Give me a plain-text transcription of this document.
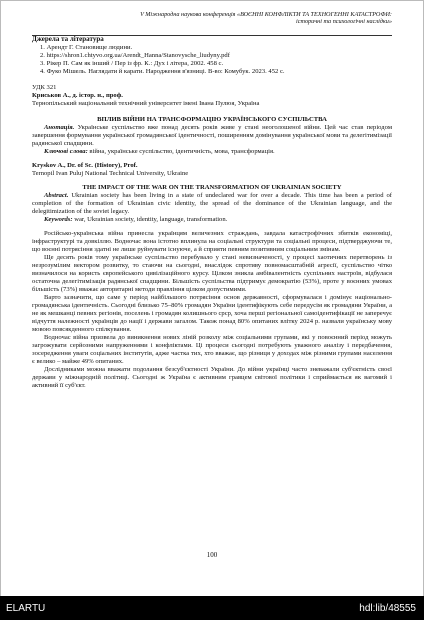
V Міжнародна наукова конференція «ВОЄННІ КОНФЛІКТИ ТА ТЕХНОГЕННІ КАТАСТРОФИ:
історичні та психологічні наслідки»
Джерела та література
1. Арендт Г. Становище людини.
2. https://shron1.chtyvo.org.ua/Arendt_Hanna/Stanovysche_liudyny.pdf
3. Рікер П. Сам як інший / Пер із фр. К.: Дух і літера, 2002. 458 с.
4. Фуко Мішель. Наглядати й карати. Народження в'язниці. В-во: Комубук. 2023. 452 с.
УДК 321
Криськов А., д. істор. н., проф.
Тернопільський національний технічний університет імені Івана Пулюя, Україна
ВПЛИВ ВІЙНИ НА ТРАНСФОРМАЦІЮ УКРАЇНСЬКОГО СУСПІЛЬСТВА

Анотація. Українське суспільство вже понад десять років живе у стані неоголошеної війни. Цей час став періодом завершення формування української громадянської ідентичності, поширенням домінування української мови та делегітимізації радянської спадщини.

Ключові слова: війна, українське суспільство, ідентичність, мова, трансформація.

Kryskov A., Dr. of Sc. (History), Prof.
Ternopil Ivan Puluj National Technical University, Ukraine
THE IMPACT OF THE WAR ON THE TRANSFORMATION OF UKRAINIAN SOCIETY

Abstract. Ukrainian society has been living in a state of undeclared war for over a decade. This time has been a period of completion of the formation of Ukrainian civic identity, the spread of the dominance of the Ukrainian language, and the delegitimization of the soviet legacy.

Keywords: war, Ukrainian society, identity, language, transformation.

Російсько-українська війна принесла українцям величезних страждань, завдала катастрофічних збитків економіці, інфраструктурі та довкіллю. Водночас вона істотно вплинула на соціальні структури та соціальні процеси, підтверджуючи те, що воєнні потрясіння здатні не лише руйнувати існуюче, а й сприяти певним позитивним соціальним змінам.

Ще десять років тому українське суспільство перебувало у стані невизначеності, у процесі хаотичних перетворень із незрозумілим вектором розвитку, то стаючи на сьогодні, внаслідок спротиву повномасштабній агресії, суспільство чітко визначилося на користь європейського цивілізаційного курсу. Цілком зникла амбівалентність суспільних настроїв, відбулася остаточна делегітимізація радянської спадщини. Більшість суспільства підтримує демократію (53%), проте у воєнних умовах більшість (73%) вважає авторитарні методи правління цілком допустимими.

Варто зазначити, що саме у період найбільшого потрясіння основ державності, сформувалася і домінує національно-громадянська ідентичність. Сьогодні близько 75–80% громадян України ідентифікують себе передусім як громадяни України, а не як мешканці певних регіонів, поселень і громадян колишнього срср, хоча перші регіональної самоідентифікації не заперечує відчуття належності українців до нації і держави загалом. Також понад 80% опитаних влітку 2024 р. назвали українську мову мовою повсякденного спілкування.

Водночас війна призвела до виникнення нових ліній розколу між соціальними групами, які у повоєнний період можуть загрожувати серйозними напруженнями і конфліктами. Ці процеси сьогодні потребують уважного аналізу і передбачення, зосередження уваги соціальних інститутів, адже частка тих, хто вважає, що різниця у доходах між різними групами населення є велико – майже 49% опитаних.

Дослідниками можна вважати подолання безсуб'єктності України. До війни українці часто зневажали суб'єктність своєї держави у міжнародній політиці. Сьогодні ж Україна є активним гравцем світової політики і сприймається як вагомий і активний її суб'єкт.

100
ELARTU	hdl:lib/48555
